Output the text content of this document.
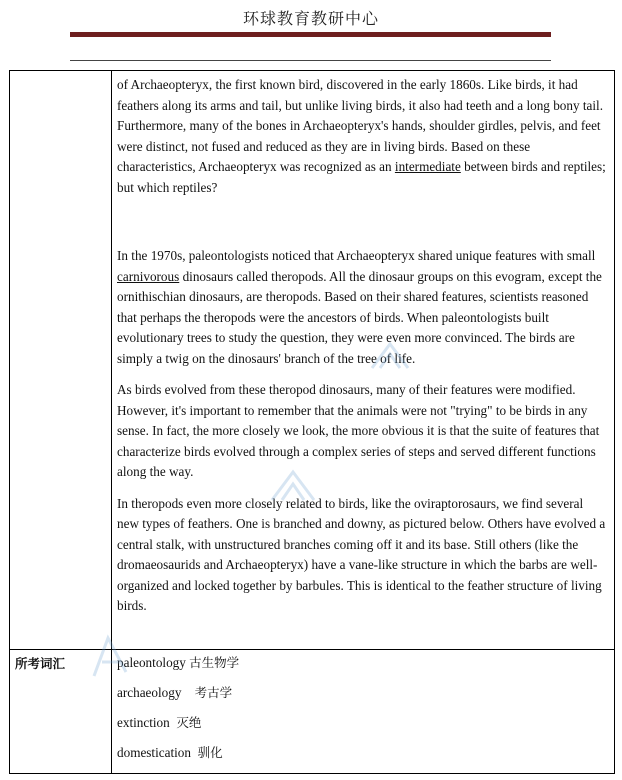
环球教育教研中心

of Archaeopteryx, the first known bird, discovered in the early 1860s. Like birds, it had feathers along its arms and tail, but unlike living birds, it also had teeth and a long bony tail. Furthermore, many of the bones in Archaeopteryx's hands, shoulder girdles, pelvis, and feet were distinct, not fused and reduced as they are in living birds. Based on these characteristics, Archaeopteryx was recognized as an intermediate between birds and reptiles; but which reptiles?

In the 1970s, paleontologists noticed that Archaeopteryx shared unique features with small carnivorous dinosaurs called theropods. All the dinosaur groups on this evogram, except the ornithischian dinosaurs, are theropods. Based on their shared features, scientists reasoned that perhaps the theropods were the ancestors of birds. When paleontologists built evolutionary trees to study the question, they were even more convinced. The birds are simply a twig on the dinosaurs' branch of the tree of life.

As birds evolved from these theropod dinosaurs, many of their features were modified. However, it's important to remember that the animals were not "trying" to be birds in any sense. In fact, the more closely we look, the more obvious it is that the suite of features that characterize birds evolved through a complex series of steps and served different functions along the way.

In theropods even more closely related to birds, like the oviraptorosaurs, we find several new types of feathers. One is branched and downy, as pictured below. Others have evolved a central stalk, with unstructured branches coming off it and its base. Still others (like the dromaeosaurids and Archaeopteryx) have a vane-like structure in which the barbs are well-organized and locked together by barbules. This is identical to the feather structure of living birds.

所考词汇	paleontology 古生物学
archaeology 考古学
extinction 灭绝
domestication 驯化
